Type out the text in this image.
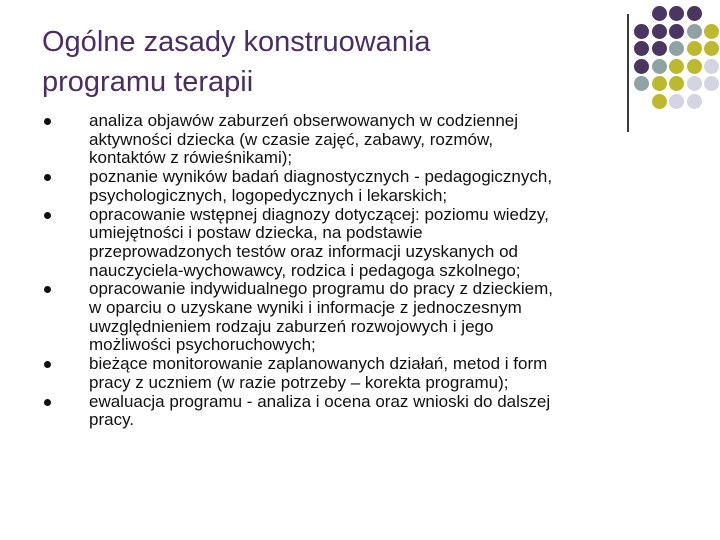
Ogólne zasady konstruowania
programu terapii
analiza objawów zaburzeń obserwowanych w codziennej
aktywności dziecka (w czasie zajęć, zabawy, rozmów,
kontaktów z rówieśnikami);
poznanie wyników badań diagnostycznych - pedagogicznych,
psychologicznych, logopedycznych i lekarskich;
opracowanie wstępnej diagnozy dotyczącej: poziomu wiedzy,
umiejętności i postaw dziecka, na podstawie
przeprowadzonych testów oraz informacji uzyskanych od
nauczyciela-wychowawcy, rodzica i pedagoga szkolnego;
opracowanie indywidualnego programu do pracy z dzieckiem,
w oparciu o uzyskane wyniki i informacje z jednoczesnym
uwzględnieniem rodzaju zaburzeń rozwojowych i jego
możliwości psychoruchowych;
bieżące monitorowanie zaplanowanych działań, metod i form
pracy z uczniem (w razie potrzeby – korekta programu);
ewaluacja programu - analiza i ocena oraz wnioski do dalszej
pracy.
